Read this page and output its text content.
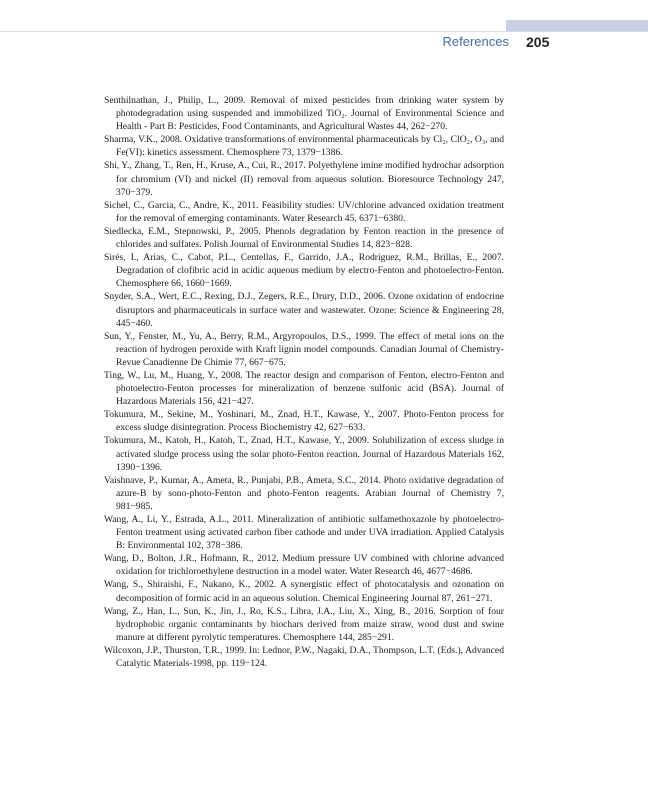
References 205
Senthilnathan, J., Philip, L., 2009. Removal of mixed pesticides from drinking water system by photodegradation using suspended and immobilized TiO₂. Journal of Environmental Science and Health - Part B: Pesticides, Food Contaminants, and Agricultural Wastes 44, 262−270.
Sharma, V.K., 2008. Oxidative transformations of environmental pharmaceuticals by Cl₂, ClO₂, O₃, and Fe(VI): kinetics assessment. Chemosphere 73, 1379−1386.
Shi, Y., Zhang, T., Ren, H., Kruse, A., Cui, R., 2017. Polyethylene imine modified hydrochar adsorption for chromium (VI) and nickel (II) removal from aqueous solution. Bioresource Technology 247, 370−379.
Sichel, C., Garcia, C., Andre, K., 2011. Feasibility studies: UV/chlorine advanced oxidation treatment for the removal of emerging contaminants. Water Research 45, 6371−6380.
Siedlecka, E.M., Stepnowski, P., 2005. Phenols degradation by Fenton reaction in the presence of chlorides and sulfates. Polish Journal of Environmental Studies 14, 823−828.
Sirés, I., Arias, C., Cabot, P.L., Centellas, F., Garrido, J.A., Rodríguez, R.M., Brillas, E., 2007. Degradation of clofibric acid in acidic aqueous medium by electro-Fenton and photoelectro-Fenton. Chemosphere 66, 1660−1669.
Snyder, S.A., Wert, E.C., Rexing, D.J., Zegers, R.E., Drury, D.D., 2006. Ozone oxidation of endocrine disruptors and pharmaceuticals in surface water and wastewater. Ozone: Science & Engineering 28, 445−460.
Sun, Y., Fenster, M., Yu, A., Berry, R.M., Argyropoulos, D.S., 1999. The effect of metal ions on the reaction of hydrogen peroxide with Kraft lignin model compounds. Canadian Journal of Chemistry-Revue Canadienne De Chimie 77, 667−675.
Ting, W., Lu, M., Huang, Y., 2008. The reactor design and comparison of Fenton, electro-Fenton and photoelectro-Fenton processes for mineralization of benzene sulfonic acid (BSA). Journal of Hazardous Materials 156, 421−427.
Tokumura, M., Sekine, M., Yoshinari, M., Znad, H.T., Kawase, Y., 2007. Photo-Fenton process for excess sludge disintegration. Process Biochemistry 42, 627−633.
Tokumura, M., Katoh, H., Katoh, T., Znad, H.T., Kawase, Y., 2009. Solubilization of excess sludge in activated sludge process using the solar photo-Fenton reaction. Journal of Hazardous Materials 162, 1390−1396.
Vaishnave, P., Kumar, A., Ameta, R., Punjabi, P.B., Ameta, S.C., 2014. Photo oxidative degradation of azure-B by sono-photo-Fenton and photo-Fenton reagents. Arabian Journal of Chemistry 7, 981−985.
Wang, A., Li, Y., Estrada, A.L., 2011. Mineralization of antibiotic sulfamethoxazole by photoelectro-Fenton treatment using activated carbon fiber cathode and under UVA irradiation. Applied Catalysis B: Environmental 102, 378−386.
Wang, D., Bolton, J.R., Hofmann, R., 2012. Medium pressure UV combined with chlorine advanced oxidation for trichloroethylene destruction in a model water. Water Research 46, 4677−4686.
Wang, S., Shiraishi, F., Nakano, K., 2002. A synergistic effect of photocatalysis and ozonation on decomposition of formic acid in an aqueous solution. Chemical Engineering Journal 87, 261−271.
Wang, Z., Han, L., Sun, K., Jin, J., Ro, K.S., Libra, J.A., Liu, X., Xing, B., 2016. Sorption of four hydrophobic organic contaminants by biochars derived from maize straw, wood dust and swine manure at different pyrolytic temperatures. Chemosphere 144, 285−291.
Wilcoxon, J.P., Thurston, T.R., 1999. In: Lednor, P.W., Nagaki, D.A., Thompson, L.T. (Eds.), Advanced Catalytic Materials-1998, pp. 119−124.
